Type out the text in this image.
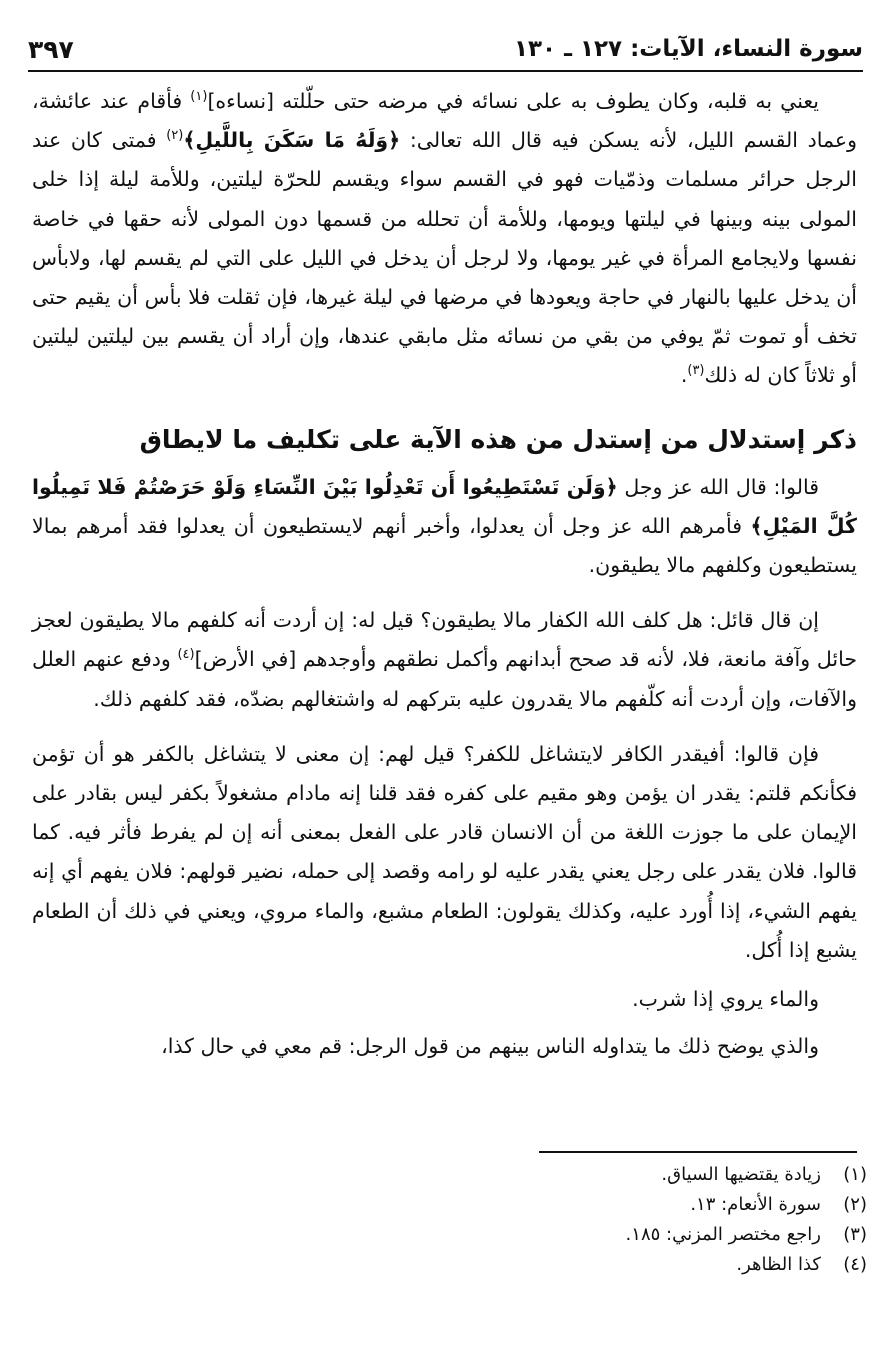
سورة النساء، الآيات: ١٢٧ ـ ١٣٠
٣٩٧

يعني به قلبه، وكان يطوف به على نسائه في مرضه حتى حلّلته [نساءه]$^{(١)}$ فأقام عند عائشة، وعماد القسم الليل، لأنه يسكن فيه قال الله تعالى: ﴿وَلَهُ مَا سَكَنَ بِاللَّيلِ﴾$^{(٢)}$ فمتى كان عند الرجل حرائر مسلمات وذمّيات فهو في القسم سواء ويقسم للحرّة ليلتين، وللأمة ليلة إذا خلى المولى بينه وبينها في ليلتها ويومها، وللأمة أن تحلله من قسمها دون المولى لأنه حقها في خاصة نفسها ولايجامع المرأة في غير يومها، ولا لرجل أن يدخل في الليل على التي لم يقسم لها، ولابأس أن يدخل عليها بالنهار في حاجة ويعودها في مرضها في ليلة غيرها، فإن ثقلت فلا بأس أن يقيم حتى تخف أو تموت ثمّ يوفي من بقي من نسائه مثل مابقي عندها، وإن أراد أن يقسم بين ليلتين ليلتين أو ثلاثاً كان له ذلك$^{(٣)}$.

ذكر إستدلال من إستدل من هذه الآية على تكليف ما لايطاق

قالوا: قال الله عز وجل ﴿وَلَن تَسْتَطِيعُوا أَن تَعْدِلُوا بَيْنَ النِّسَاءِ وَلَوْ حَرَصْتُمْ فَلا تَمِيلُوا كُلَّ المَيْلِ﴾ فأمرهم الله عز وجل أن يعدلوا، وأخبر أنهم لايستطيعون أن يعدلوا فقد أمرهم بمالا يستطيعون وكلفهم مالا يطيقون.

إن قال قائل: هل كلف الله الكفار مالا يطيقون؟ قيل له: إن أردت أنه كلفهم مالا يطيقون لعجز حائل وآفة مانعة، فلا، لأنه قد صحح أبدانهم وأكمل نطقهم وأوجدهم [في الأرض]$^{(٤)}$ ودفع عنهم العلل والآفات، وإن أردت أنه كلّفهم مالا يقدرون عليه بتركهم له واشتغالهم بضدّه، فقد كلفهم ذلك.

فإن قالوا: أفيقدر الكافر لايتشاغل للكفر؟ قيل لهم: إن معنى لا يتشاغل بالكفر هو أن تؤمن فكأنكم قلتم: يقدر ان يؤمن وهو مقيم على كفره فقد قلنا إنه مادام مشغولاً بكفر ليس بقادر على الإيمان على ما جوزت اللغة من أن الانسان قادر على الفعل بمعنى أنه إن لم يفرط فأثر فيه. كما قالوا. فلان يقدر على رجل يعني يقدر عليه لو رامه وقصد إلى حمله، نضير قولهم: فلان يفهم أي إنه يفهم الشيء، إذا أُورد عليه، وكذلك يقولون: الطعام مشبع، والماء مروي، ويعني في ذلك أن الطعام يشبع إذا أُكل.

والماء يروي إذا شرب.

والذي يوضح ذلك ما يتداوله الناس بينهم من قول الرجل: قم معي في حال كذا،

(١)
زيادة يقتضيها السياق.
(٢)
سورة الأنعام: ١٣.
(٣)
راجع مختصر المزني: ١٨٥.
(٤)
كذا الظاهر.
